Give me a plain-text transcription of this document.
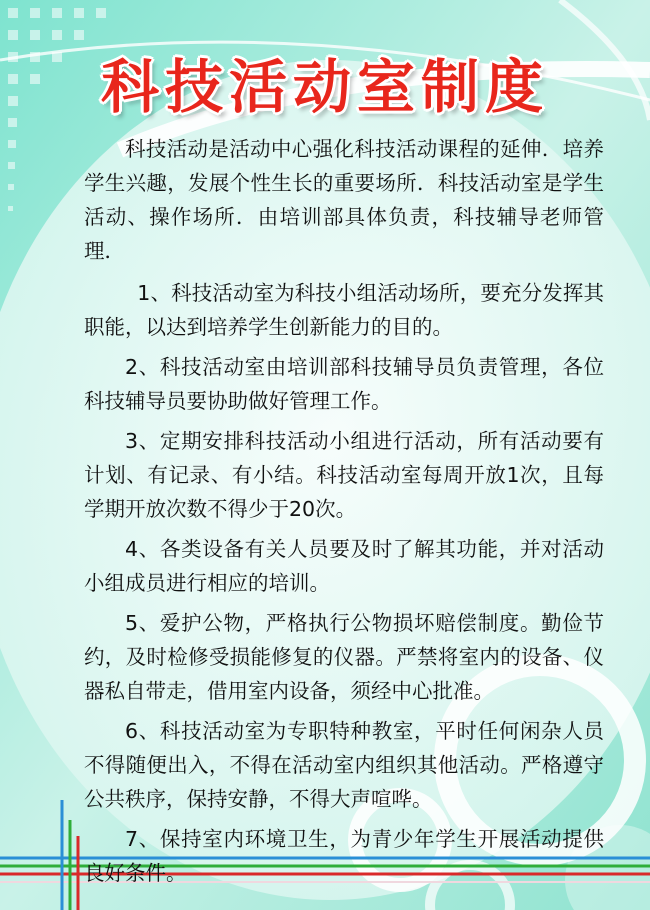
科技活动室制度

科技活动是活动中心强化科技活动课程的延伸．培养学生兴趣，发展个性生长的重要场所．科技活动室是学生活动、操作场所．由培训部具体负责，科技辅导老师管理．

1、科技活动室为科技小组活动场所，要充分发挥其职能，以达到培养学生创新能力的目的。

2、科技活动室由培训部科技辅导员负责管理，各位科技辅导员要协助做好管理工作。

3、定期安排科技活动小组进行活动，所有活动要有计划、有记录、有小结。科技活动室每周开放1次，且每学期开放次数不得少于20次。

4、各类设备有关人员要及时了解其功能，并对活动小组成员进行相应的培训。

5、爱护公物，严格执行公物损坏赔偿制度。勤俭节约，及时检修受损能修复的仪器。严禁将室内的设备、仪器私自带走，借用室内设备，须经中心批准。

6、科技活动室为专职特种教室，平时任何闲杂人员不得随便出入，不得在活动室内组织其他活动。严格遵守公共秩序，保持安静，不得大声喧哗。

7、保持室内环境卫生，为青少年学生开展活动提供良好条件。
